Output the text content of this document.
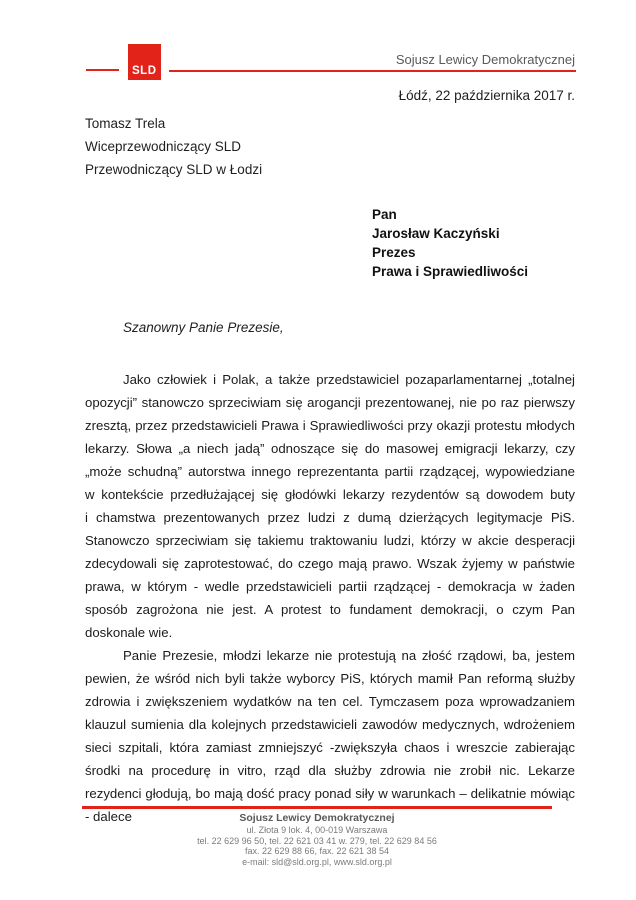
Sojusz Lewicy Demokratycznej
SLD
Łódź, 22 października 2017 r.
Tomasz Trela
Wiceprzewodniczący SLD
Przewodniczący SLD w Łodzi
Pan
Jarosław Kaczyński
Prezes
Prawa i Sprawiedliwości
Szanowny Panie Prezesie,

Jako człowiek i Polak, a także przedstawiciel pozaparlamentarnej „totalnej opozycji” stanowczo sprzeciwiam się arogancji prezentowanej, nie po raz pierwszy zresztą, przez przedstawicieli Prawa i Sprawiedliwości przy okazji protestu młodych lekarzy. Słowa „a niech jadą” odnoszące się do masowej emigracji lekarzy, czy „może schudną” autorstwa innego reprezentanta partii rządzącej, wypowiedziane w kontekście przedłużającej się głodówki lekarzy rezydentów są dowodem buty i chamstwa prezentowanych przez ludzi z dumą dzierżących legitymacje PiS. Stanowczo sprzeciwiam się takiemu traktowaniu ludzi, którzy w akcie desperacji zdecydowali się zaprotestować, do czego mają prawo. Wszak żyjemy w państwie prawa, w którym - wedle przedstawicieli partii rządzącej - demokracja w żaden sposób zagrożona nie jest. A protest to fundament demokracji, o czym Pan doskonale wie.

Panie Prezesie, młodzi lekarze nie protestują na złość rządowi, ba, jestem pewien, że wśród nich byli także wyborcy PiS, których mamił Pan reformą służby zdrowia i zwiększeniem wydatków na ten cel. Tymczasem poza wprowadzaniem klauzul sumienia dla kolejnych przedstawicieli zawodów medycznych, wdrożeniem sieci szpitali, która zamiast zmniejszyć -zwiększyła chaos i wreszcie zabierając środki na procedurę in vitro, rząd dla służby zdrowia nie zrobił nic. Lekarze rezydenci głodują, bo mają dość pracy ponad siły w warunkach – delikatnie mówiąc - dalece	Sojusz Lewicy Demokratycznej
ul. Złota 9 lok. 4, 00-019 Warszawa
tel. 22 629 96 50, tel. 22 621 03 41 w. 279, tel. 22 629 84 56
fax. 22 629 88 66, fax. 22 621 38 54
e-mail: sld@sld.org.pl, www.sld.org.pl
